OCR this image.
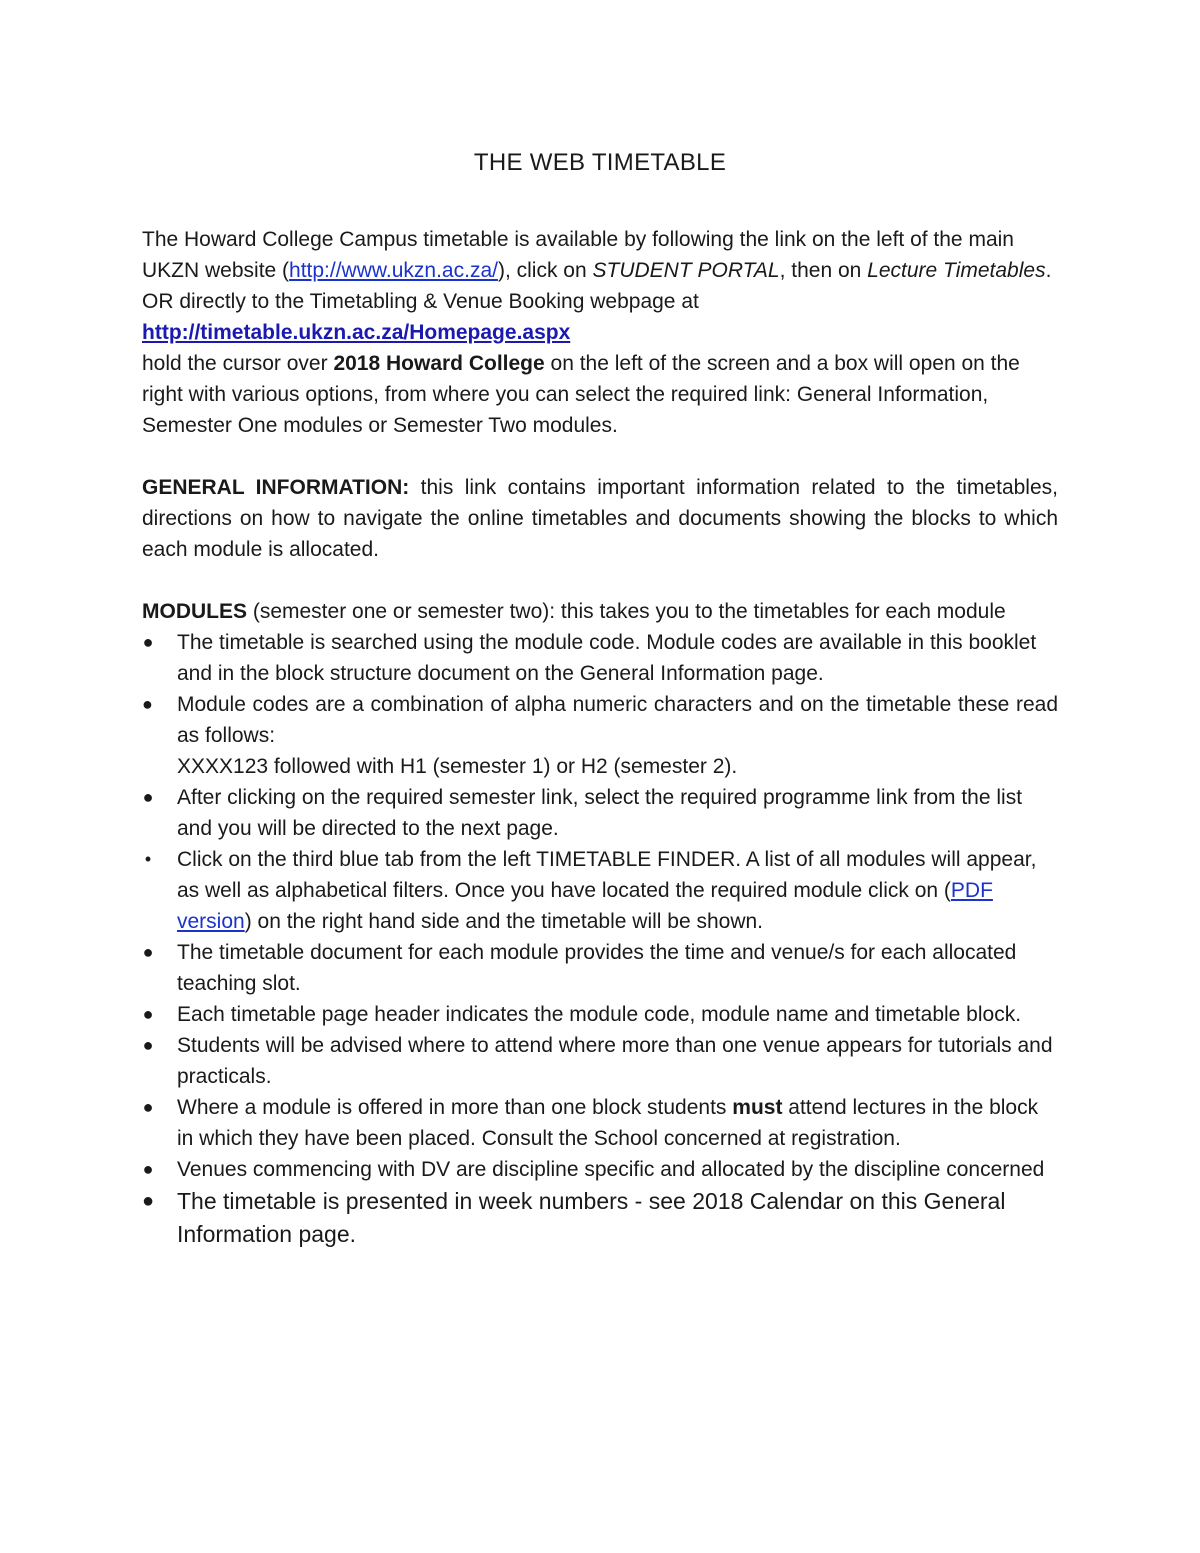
THE WEB TIMETABLE

The Howard College Campus timetable is available by following the link on the left of the main UKZN website (http://www.ukzn.ac.za/), click on STUDENT PORTAL, then on Lecture Timetables.

OR directly to the Timetabling & Venue Booking webpage at

http://timetable.ukzn.ac.za/Homepage.aspx

hold the cursor over 2018 Howard College on the left of the screen and a box will open on the right with various options, from where you can select the required link: General Information, Semester One modules or Semester Two modules.

GENERAL INFORMATION: this link contains important information related to the timetables, directions on how to navigate the online timetables and documents showing the blocks to which each module is allocated.

MODULES (semester one or semester two): this takes you to the timetables for each module

● The timetable is searched using the module code. Module codes are available in this booklet and in the block structure document on the General Information page.
● Module codes are a combination of alpha numeric characters and on the timetable these read as follows:
XXXX123 followed with H1 (semester 1) or H2 (semester 2).
● After clicking on the required semester link, select the required programme link from the list and you will be directed to the next page.
• Click on the third blue tab from the left TIMETABLE FINDER. A list of all modules will appear, as well as alphabetical filters. Once you have located the required module click on (PDF version) on the right hand side and the timetable will be shown.
● The timetable document for each module provides the time and venue/s for each allocated teaching slot.
● Each timetable page header indicates the module code, module name and timetable block.
● Students will be advised where to attend where more than one venue appears for tutorials and practicals.
● Where a module is offered in more than one block students must attend lectures in the block in which they have been placed. Consult the School concerned at registration.
● Venues commencing with DV are discipline specific and allocated by the discipline concerned
● The timetable is presented in week numbers - see 2018 Calendar on this General Information page.
